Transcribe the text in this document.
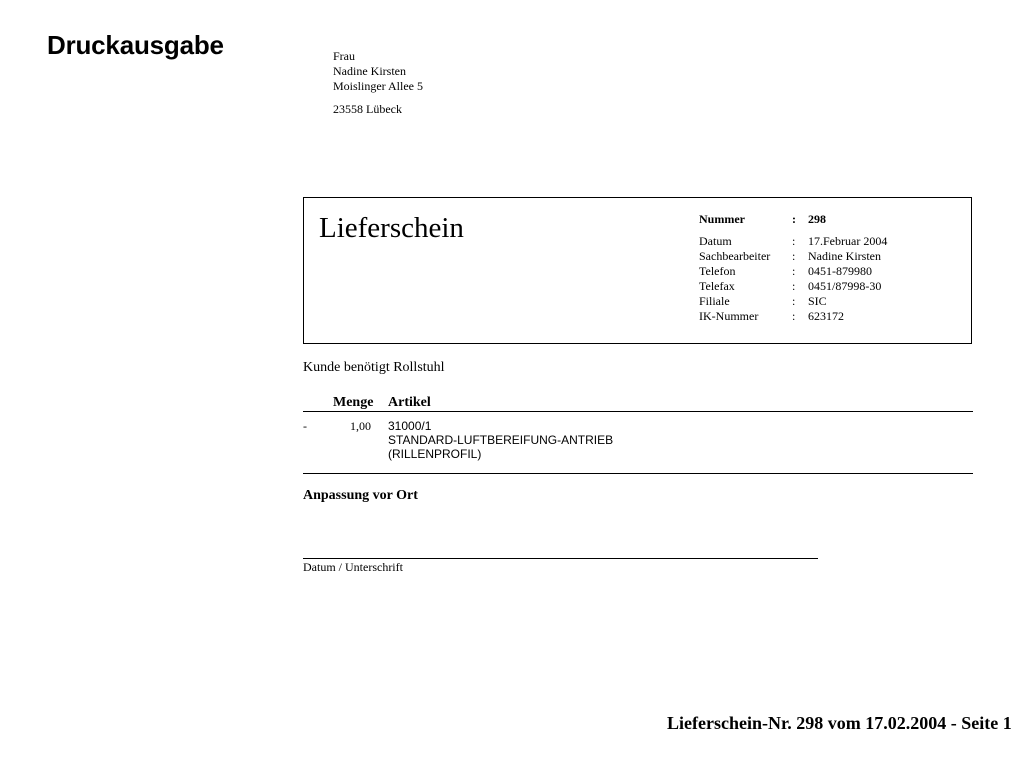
Druckausgabe	Frau
Nadine Kirsten
Moislinger Allee 5
23558 Lübeck
Lieferschein	Nummer	:	298
Datum	:	17.Februar 2004
Sachbearbeiter	:	Nadine Kirsten
Telefon	:	0451-879980
Telefax	:	0451/87998-30
Filiale	:	SIC
IK-Nummer	:	623172
Kunde benötigt Rollstuhl
Menge Artikel
-	1,00 31000/1
STANDARD-LUFTBEREIFUNG-ANTRIEB
(RILLENPROFIL)
Anpassung vor Ort
Datum / Unterschrift
Lieferschein-Nr. 298 vom 17.02.2004 - Seite 1
